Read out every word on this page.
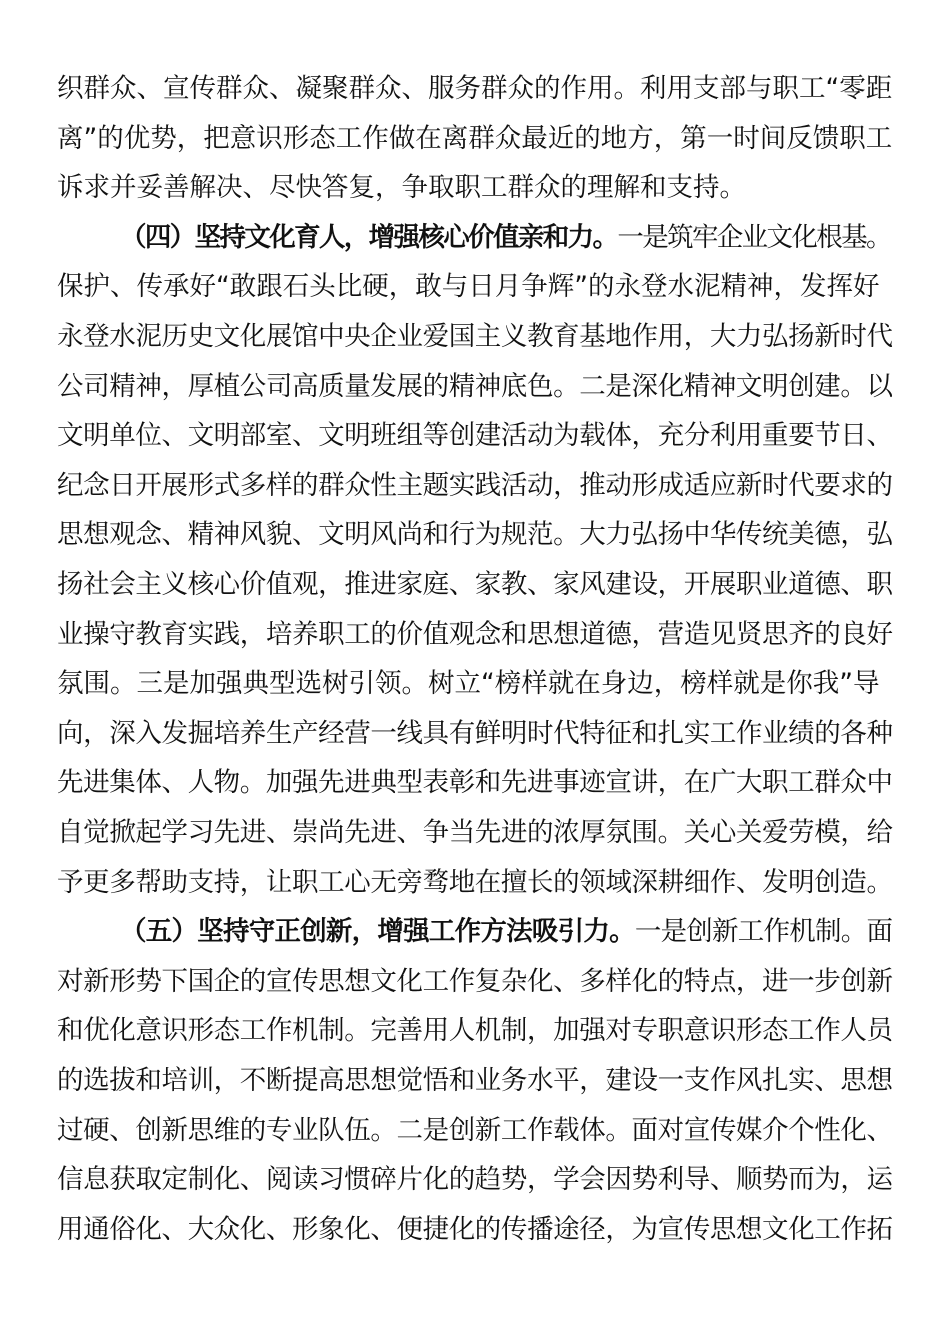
织群众、宣传群众、凝聚群众、服务群众的作用。利用支部与职工“零距
离”的优势，把意识形态工作做在离群众最近的地方，第一时间反馈职工
诉求并妥善解决、尽快答复，争取职工群众的理解和支持。
（四）坚持文化育人，增强核心价值亲和力。一是筑牢企业文化根基。
保护、传承好“敢跟石头比硬，敢与日月争辉”的永登水泥精神，发挥好
永登水泥历史文化展馆中央企业爱国主义教育基地作用，大力弘扬新时代
公司精神，厚植公司高质量发展的精神底色。二是深化精神文明创建。以
文明单位、文明部室、文明班组等创建活动为载体，充分利用重要节日、
纪念日开展形式多样的群众性主题实践活动，推动形成适应新时代要求的
思想观念、精神风貌、文明风尚和行为规范。大力弘扬中华传统美德，弘
扬社会主义核心价值观，推进家庭、家教、家风建设，开展职业道德、职
业操守教育实践，培养职工的价值观念和思想道德，营造见贤思齐的良好
氛围。三是加强典型选树引领。树立“榜样就在身边，榜样就是你我”导
向，深入发掘培养生产经营一线具有鲜明时代特征和扎实工作业绩的各种
先进集体、人物。加强先进典型表彰和先进事迹宣讲，在广大职工群众中
自觉掀起学习先进、崇尚先进、争当先进的浓厚氛围。关心关爱劳模，给
予更多帮助支持，让职工心无旁骛地在擅长的领域深耕细作、发明创造。
（五）坚持守正创新，增强工作方法吸引力。一是创新工作机制。面
对新形势下国企的宣传思想文化工作复杂化、多样化的特点，进一步创新
和优化意识形态工作机制。完善用人机制，加强对专职意识形态工作人员
的选拔和培训，不断提高思想觉悟和业务水平，建设一支作风扎实、思想
过硬、创新思维的专业队伍。二是创新工作载体。面对宣传媒介个性化、
信息获取定制化、阅读习惯碎片化的趋势，学会因势利导、顺势而为，运
用通俗化、大众化、形象化、便捷化的传播途径，为宣传思想文化工作拓
